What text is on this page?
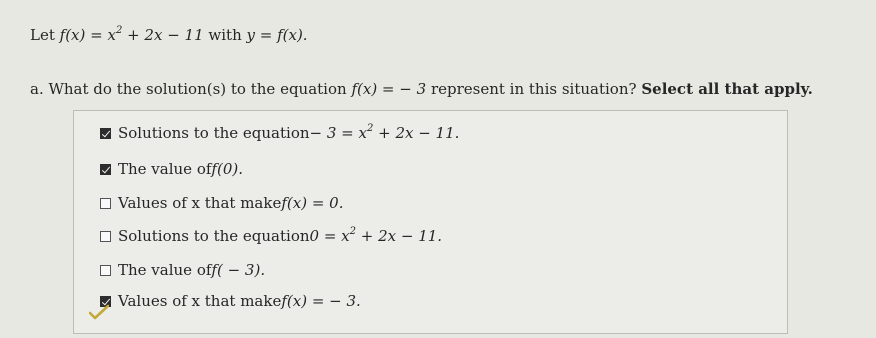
Let $f(x) = x^2 + 2x - 11$ with y = f(x).
a. What do the solution(s) to the equation f(x) = − 3 represent in this situation? Select all that apply.
Solutions to the equation − $3 = x^2 + 2x - 11$.
The value of f(0).
Values of x that make f(x) = 0.
Solutions to the equation $0 = x^2 + 2x - 11$.
The value of f( − 3).
Values of x that make f(x) = − 3.
